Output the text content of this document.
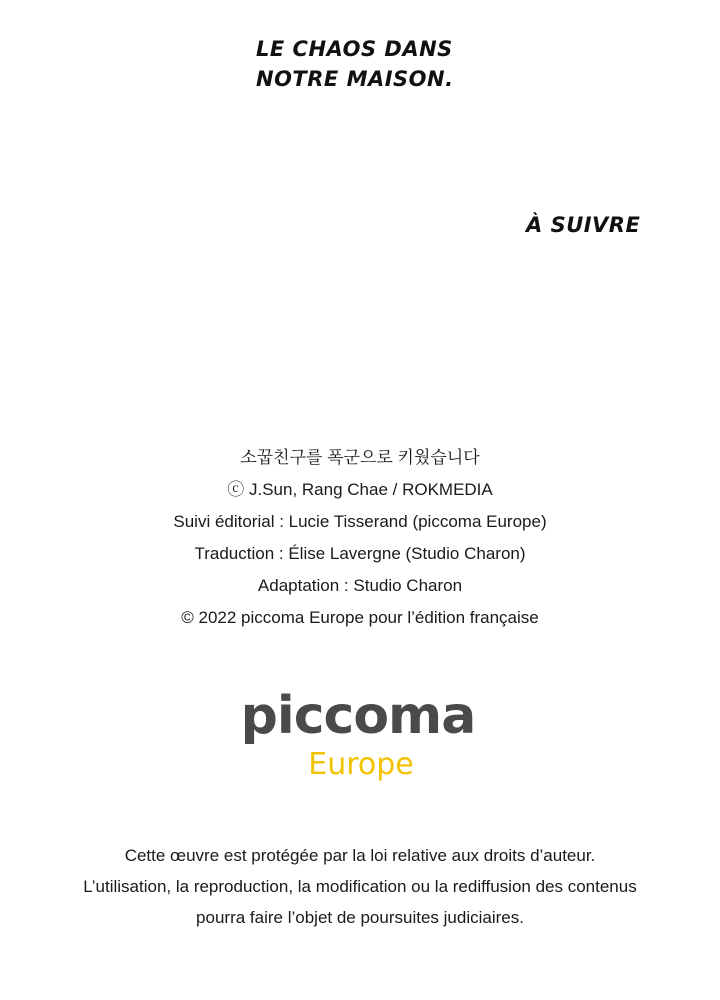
LE CHAOS DANS
NOTRE MAISON.
À SUIVRE
소꿉친구를 폭군으로 키웠습니다
ⓒ J.Sun, Rang Chae / ROKMEDIA
Suivi éditorial : Lucie Tisserand (piccoma Europe)
Traduction : Élise Lavergne (Studio Charon)
Adaptation : Studio Charon
© 2022 piccoma Europe pour l’édition française
piccoma
Europe
Cette œuvre est protégée par la loi relative aux droits d’auteur.
L’utilisation, la reproduction, la modification ou la rediffusion des contenus
pourra faire l’objet de poursuites judiciaires.
